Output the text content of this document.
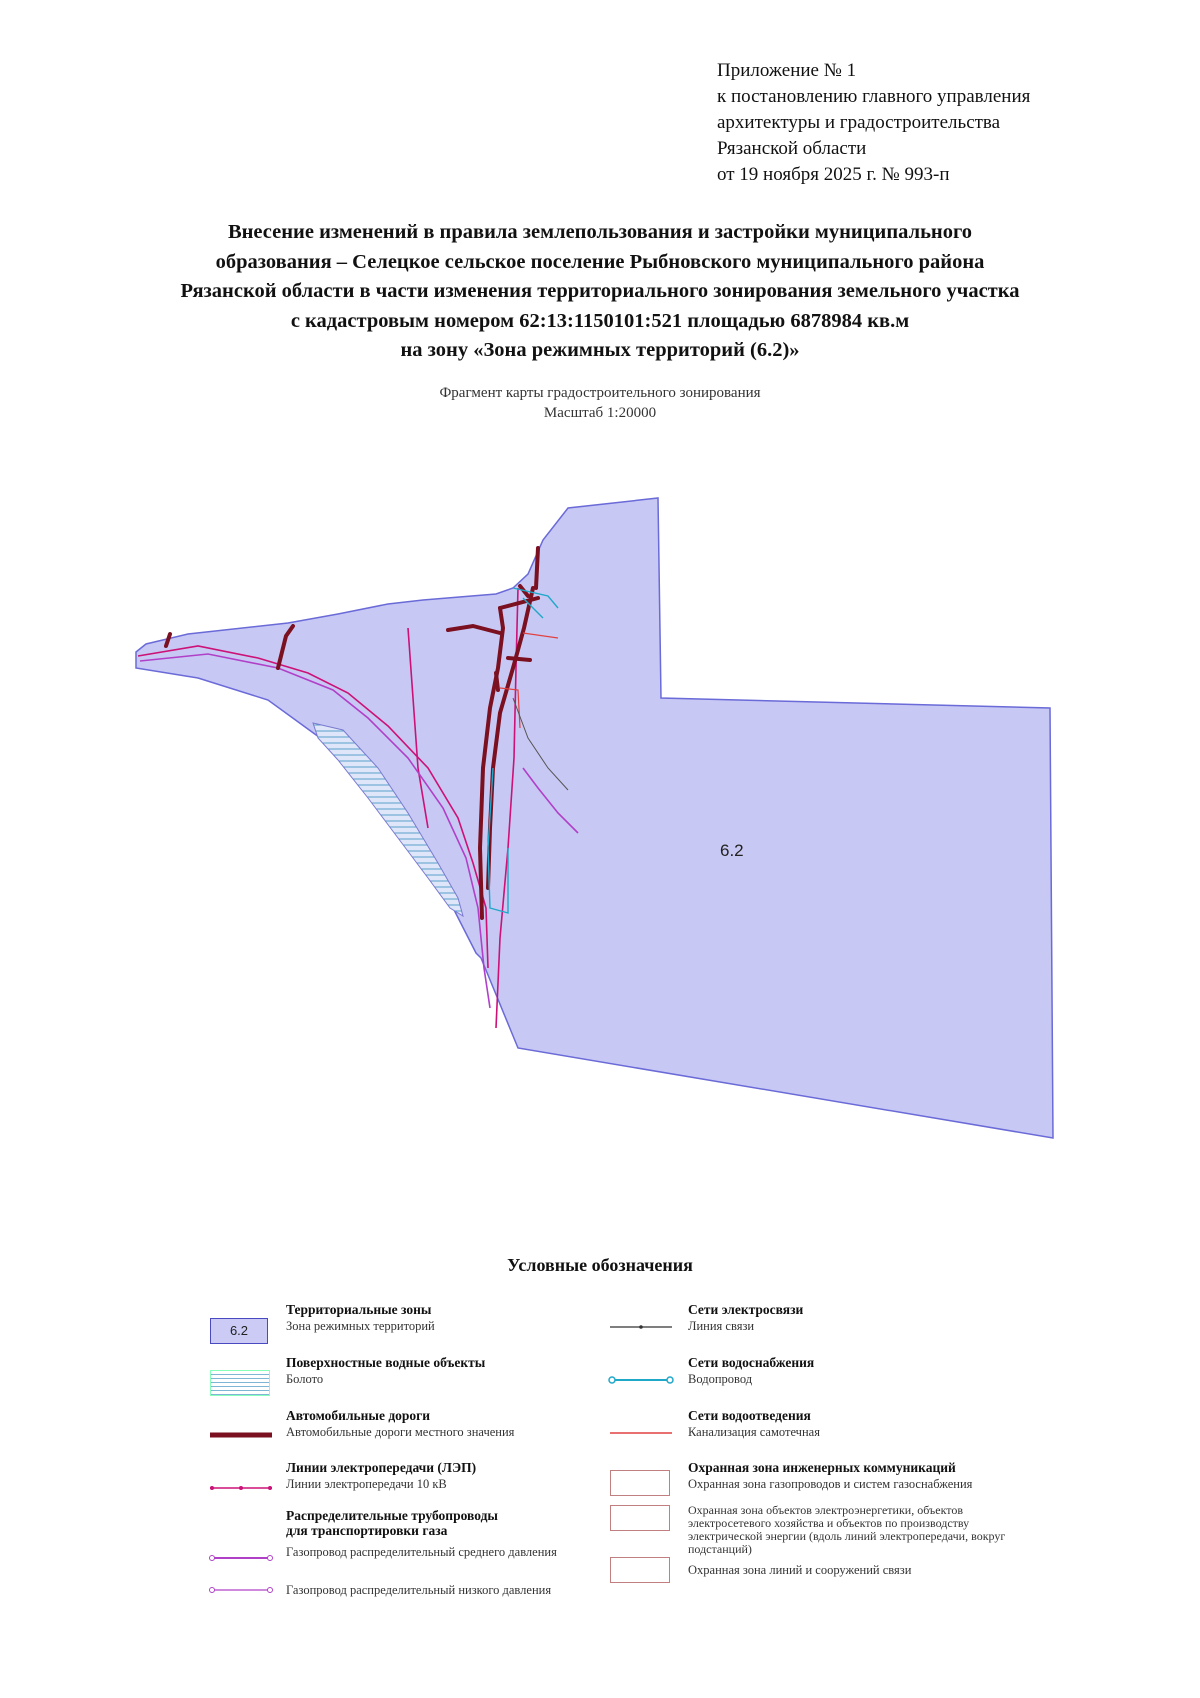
Приложение № 1
к постановлению главного управления
архитектуры и градостроительства
Рязанской области
от 19 ноября 2025 г. № 993-п
Внесение изменений в правила землепользования и застройки муниципального
образования – Селецкое сельское поселение Рыбновского муниципального района
Рязанской области в части изменения территориального зонирования земельного участка
с кадастровым номером 62:13:1150101:521 площадью 6878984 кв.м
на зону «Зона режимных территорий (6.2)»
Фрагмент карты градостроительного зонирования
Масштаб 1:20000
6.2
Условные обозначения
Территориальные зоны
Зона режимных территорий
6.2
Поверхностные водные объекты
Болото
Автомобильные дороги
Автомобильные дороги местного значения
Линии электропередачи (ЛЭП)
Линии электропередачи 10 кВ
Распределительные трубопроводы
для транспортировки газа
Газопровод распределительный среднего давления
Газопровод распределительный низкого давления
Сети электросвязи
Линия связи
Сети водоснабжения
Водопровод
Сети водоотведения
Канализация самотечная
Охранная зона инженерных коммуникаций
Охранная зона газопроводов и систем газоснабжения
Охранная зона объектов электроэнергетики, объектов электросетевого хозяйства и объектов по производству электрической энергии (вдоль линий электропередачи, вокруг подстанций)
Охранная зона линий и сооружений связи
